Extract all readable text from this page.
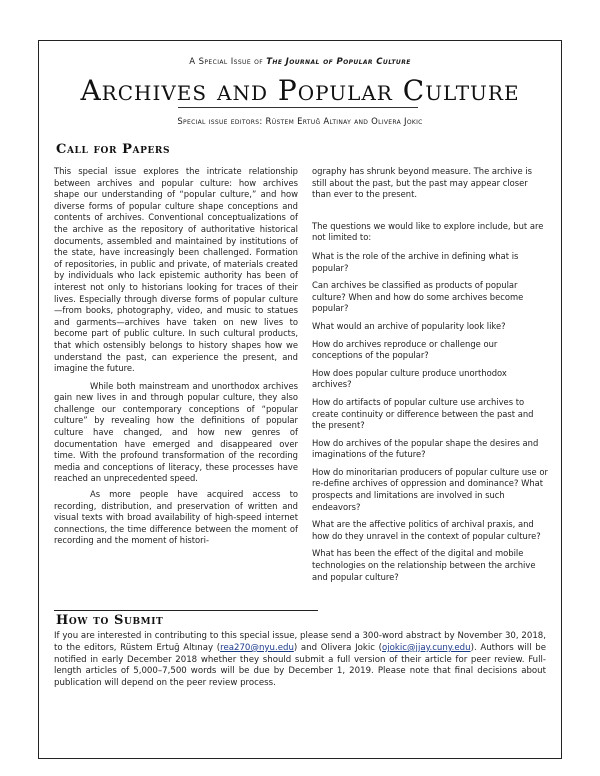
A Special Issue of The Journal of Popular Culture
Archives and Popular Culture
Special issue editors: Rüstem Ertuğ Altınay and Olivera Jokic
Call for Papers

This special issue explores the intricate relationship between archives and popular culture: how archives shape our understanding of “popular culture,” and how diverse forms of popular culture shape conceptions and contents of archives. Conventional conceptualizations of the archive as the repository of authoritative historical documents, assembled and maintained by institutions of the state, have increasingly been challenged. Formation of repositories, in public and private, of materials created by individuals who lack epistemic authority has been of interest not only to historians looking for traces of their lives. Especially through diverse forms of popular culture—from books, photography, video, and music to statues and garments—archives have taken on new lives to become part of public culture. In such cultural products, that which ostensibly belongs to history shapes how we understand the past, can experience the present, and imagine the future.

While both mainstream and unorthodox archives gain new lives in and through popular culture, they also challenge our contemporary conceptions of “popular culture” by revealing how the definitions of popular culture have changed, and how new genres of documentation have emerged and disappeared over time. With the profound transformation of the recording media and conceptions of literacy, these processes have reached an unprecedented speed.

As more people have acquired access to recording, distribution, and preservation of written and visual texts with broad availability of high-speed internet connections, the time difference between the moment of recording and the moment of histori-

ography has shrunk beyond measure. The archive is still about the past, but the past may appear closer than ever to the present.

The questions we would like to explore include, but are not limited to:

What is the role of the archive in defining what is popular?

Can archives be classified as products of popular culture? When and how do some archives become popular?

What would an archive of popularity look like?

How do archives reproduce or challenge our conceptions of the popular?

How does popular culture produce unorthodox archives?

How do artifacts of popular culture use archives to create continuity or difference between the past and the present?

How do archives of the popular shape the desires and imaginations of the future?

How do minoritarian producers of popular culture use or re-define archives of oppression and dominance? What prospects and limitations are involved in such endeavors?

What are the affective politics of archival praxis, and how do they unravel in the context of popular culture?

What has been the effect of the digital and mobile technologies on the relationship between the archive and popular culture?

How to Submit
If you are interested in contributing to this special issue, please send a 300-word abstract by November 30, 2018, to the editors, Rüstem Ertuğ Altınay (rea270@nyu.edu) and Olivera Jokic (ojokic@jjay.cuny.edu). Authors will be notified in early December 2018 whether they should submit a full version of their article for peer review. Full-length articles of 5,000–7,500 words will be due by December 1, 2019. Please note that final decisions about publication will depend on the peer review process.
